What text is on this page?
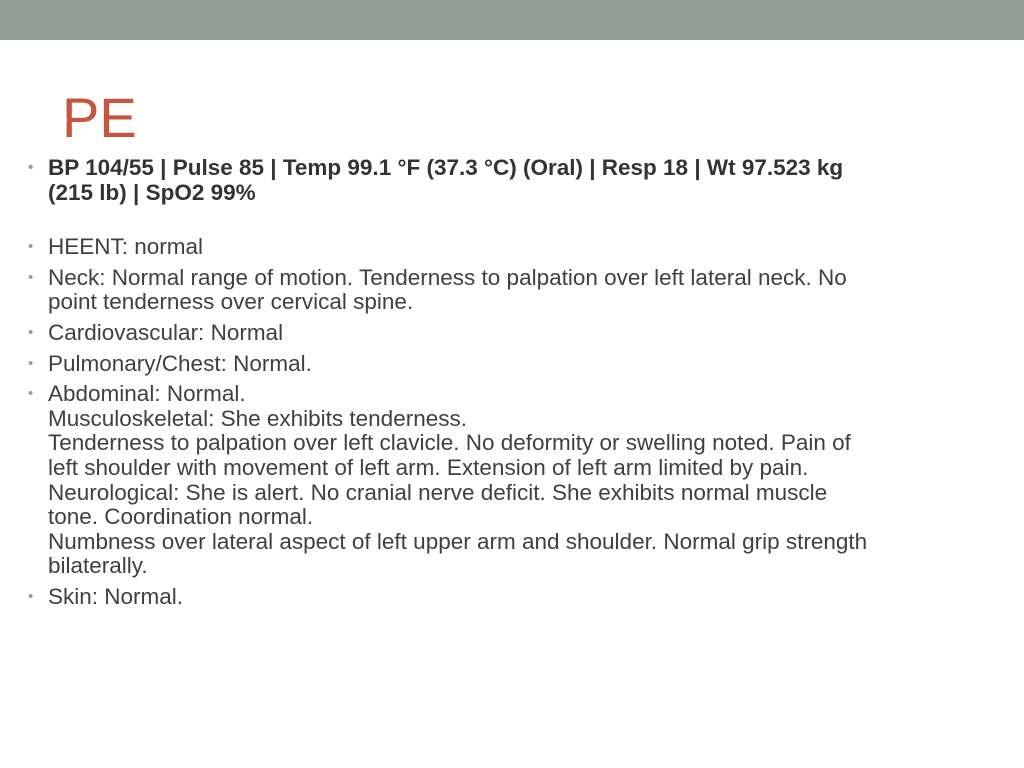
PE
• BP 104/55 | Pulse 85 | Temp 99.1 °F (37.3 °C) (Oral) | Resp 18 | Wt 97.523 kg
(215 lb) | SpO2 99%
• HEENT: normal
• Neck: Normal range of motion. Tenderness to palpation over left lateral neck. No
point tenderness over cervical spine.
• Cardiovascular: Normal
• Pulmonary/Chest: Normal.
• Abdominal: Normal.
Musculoskeletal: She exhibits tenderness.
Tenderness to palpation over left clavicle. No deformity or swelling noted. Pain of
left shoulder with movement of left arm. Extension of left arm limited by pain.
Neurological: She is alert. No cranial nerve deficit. She exhibits normal muscle
tone. Coordination normal.
Numbness over lateral aspect of left upper arm and shoulder. Normal grip strength
bilaterally.
• Skin: Normal.
